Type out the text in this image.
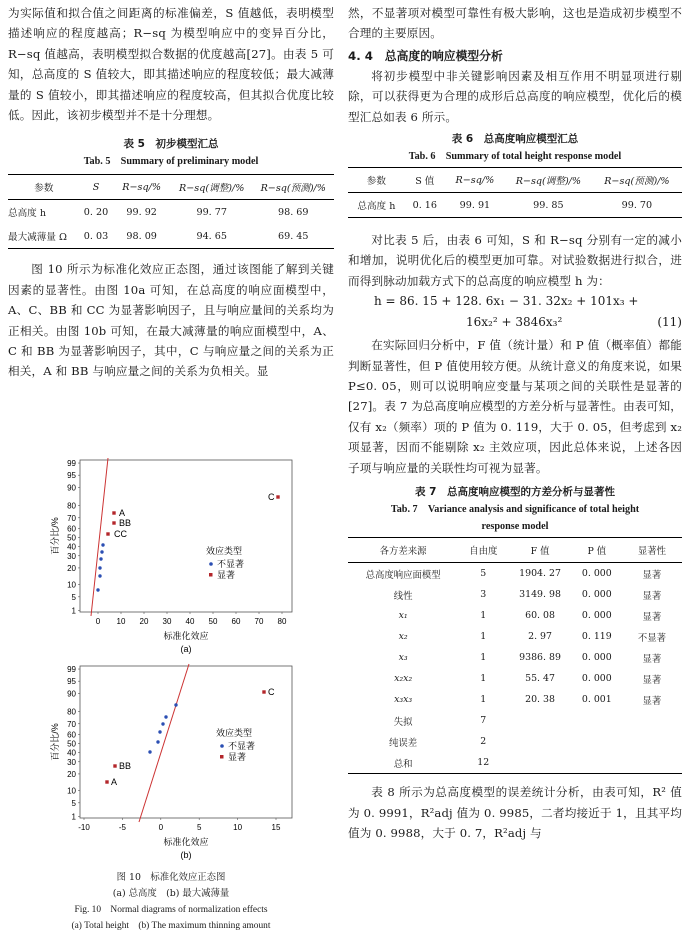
为实际值和拟合值之间距离的标准偏差，S 值越低，表明模型描述响应的程度越高；R−sq 为模型响应中的变异百分比，R−sq 值越高，表明模型拟合数据的优度越高[27]。由表 5 可知，总高度的 S 值较大，即其描述响应的程度较低；最大减薄量的 S 值较小，即其描述响应的程度较高，但其拟合优度比较低。因此，该初步模型并不是十分理想。

表 5　初步模型汇总

Tab. 5　Summary of preliminary model

参数	S	R−sq/%	R−sq(调整)/%	R−sq(预测)/%
总高度 h	0. 20	99. 92	99. 77	98. 69
最大减薄量 Ω	0. 03	98. 09	94. 65	69. 45

图 10 所示为标准化效应正态图，通过该图能了解到关键因素的显著性。由图 10a 可知，在总高度的响应面模型中，A、C、BB 和 CC 为显著影响因子，且与响应量间的关系均为正相关。由图 10b 可知，在最大减薄量的响应面模型中，A、C 和 BB 为显著影响因子，其中，C 与响应量之间的关系为正相关，A 和 BB 与响应量之间的关系为负相关。显

99
95
90
80
70
60
50
40
30
20
10
5
1
0 10 20 30 40 50 60 70 80
A
BB
CC
C
效应类型
不显著
显著
百分比/%
标准化效应
(a)

99
95
90
80
70
60
50
40
30
20
10
5
1
-10	-5	0	5	10	15
C
BB
A
效应类型
不显著
显著
百分比/%
标准化效应
(b)

图 10　标准化效应正态图

(a) 总高度　(b) 最大减薄量

Fig. 10　Normal diagrams of normalization effects

(a) Total height　(b) The maximum thinning amount

然，不显著项对模型可靠性有极大影响，这也是造成初步模型不合理的主要原因。

4. 4　总高度的响应模型分析

将初步模型中非关键影响因素及相互作用不明显项进行剔除，可以获得更为合理的成形后总高度的响应模型，优化后的模型汇总如表 6 所示。

表 6　总高度响应模型汇总

Tab. 6　Summary of total height response model

参数	S 值	R−sq/%	R−sq(调整)/%	R−sq(预测)/%
总高度 h	0. 16	99. 91	99. 85	99. 70

对比表 5 后，由表 6 可知，S 和 R−sq 分别有一定的减小和增加，说明优化后的模型更加可靠。对试验数据进行拟合，进而得到脉动加载方式下的总高度的响应模型 h 为：

h = 86. 15 + 128. 6x₁ − 31. 32x₂ + 101x₃ +

16x₂² + 3846x₃²	(11)

在实际回归分析中，F 值（统计量）和 P 值（概率值）都能判断显著性，但 P 值使用较方便。从统计意义的角度来说，如果 P≤0. 05，则可以说明响应变量与某项之间的关联性是显著的[27]。表 7 为总高度响应模型的方差分析与显著性。由表可知，仅有 x₂（频率）项的 P 值为 0. 119，大于 0. 05，但考虑到 x₂ 项显著，因而不能剔除 x₂ 主效应项，因此总体来说，上述各因子项与响应量的关联性均可视为显著。

表 7　总高度响应模型的方差分析与显著性

Tab. 7　Variance analysis and significance of total height

response model

各方差来源	自由度	F 值	P 值	显著性
总高度响应面模型	5	1904. 27	0. 000	显著
线性	3	3149. 98	0. 000	显著
x₁	1	60. 08	0. 000	显著
x₂	1	2. 97	0. 119	不显著
x₃	1	9386. 89	0. 000	显著
x₂x₂	1	55. 47	0. 000	显著
x₃x₃	1	20. 38	0. 001	显著
失拟	7			
纯误差	2			
总和	12			

表 8 所示为总高度模型的误差统计分析，由表可知，R² 值为 0. 9991，R²adj 值为 0. 9985，二者均接近于 1，且其平均值为 0. 9988，大于 0. 7，R²adj 与
